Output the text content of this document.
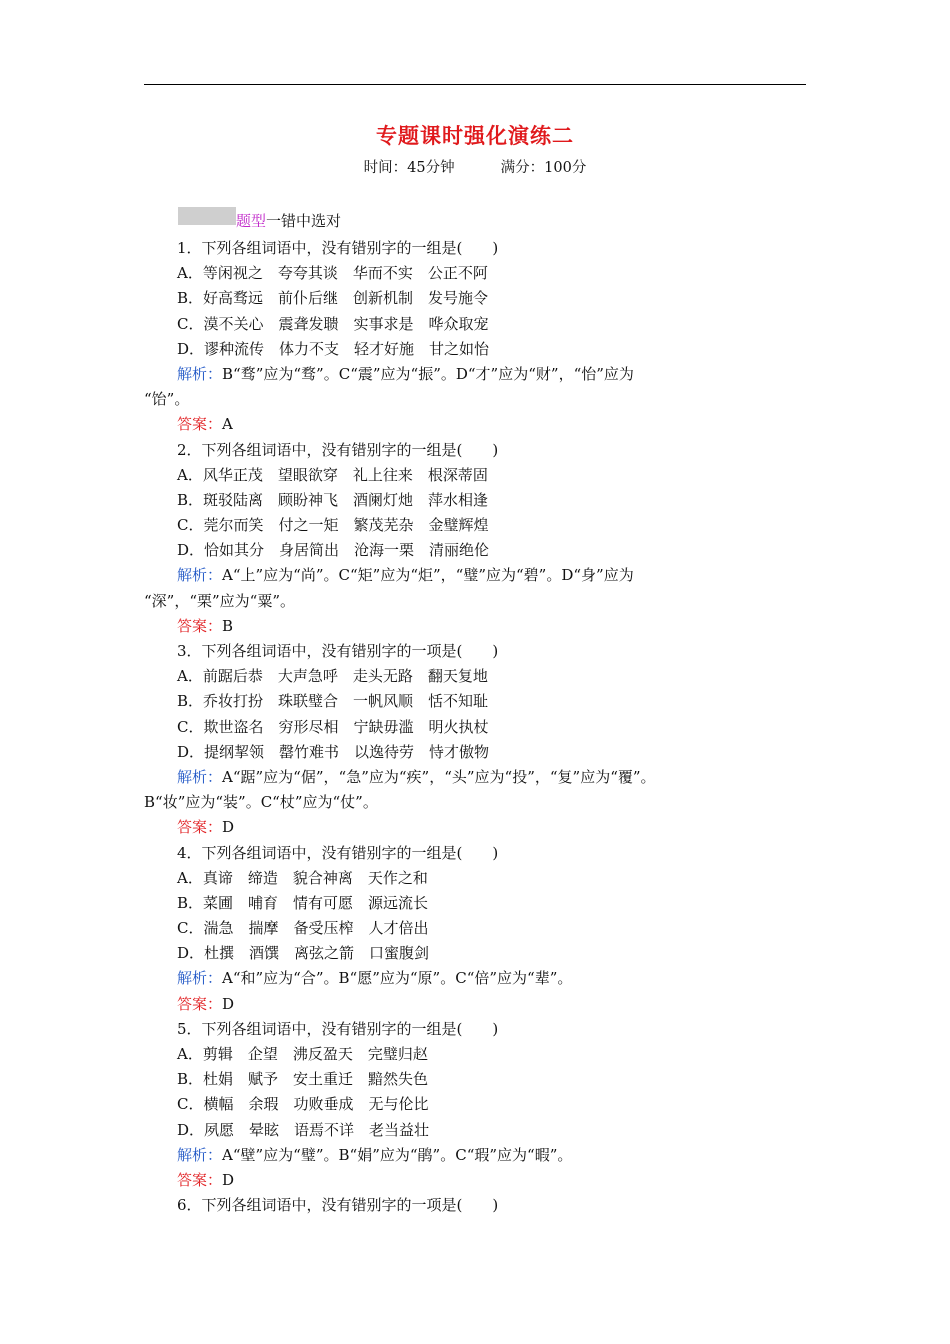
专题课时强化演练二
时间：45分钟	满分：100分
题型 一错中选对
1．下列各组词语中，没有错别字的一组是(　　)
A．等闲视之　夸夸其谈　华而不实　公正不阿
B．好高骛远　前仆后继　创新机制　发号施令
C．漠不关心　震聋发聩　实事求是　哗众取宠
D．谬种流传　体力不支　轻才好施　甘之如怡
解析：B“骛”应为“骛”。C“震”应为“振”。D“才”应为“财”，“怡”应为
“饴”。
答案：A
2．下列各组词语中，没有错别字的一组是(　　)
A．风华正茂　望眼欲穿　礼上往来　根深蒂固
B．斑驳陆离　顾盼神飞　酒阑灯灺　萍水相逢
C．莞尔而笑　付之一矩　繁茂芜杂　金璧辉煌
D．恰如其分　身居简出　沧海一栗　清丽绝伦
解析：A“上”应为“尚”。C“矩”应为“炬”，“璧”应为“碧”。D“身”应为
“深”，“栗”应为“粟”。
答案：B
3．下列各组词语中，没有错别字的一项是(　　)
A．前踞后恭　大声急呼　走头无路　翻天复地
B．乔妆打扮　珠联璧合　一帆风顺　恬不知耻
C．欺世盗名　穷形尽相　宁缺毋滥　明火执杖
D．提纲挈领　罄竹难书　以逸待劳　恃才傲物
解析：A“踞”应为“倨”，“急”应为“疾”，“头”应为“投”，“复”应为“覆”。
B“妆”应为“装”。C“杖”应为“仗”。
答案：D
4．下列各组词语中，没有错别字的一组是(　　)
A．真谛　缔造　貌合神离　天作之和
B．菜圃　哺育　情有可愿　源远流长
C．湍急　揣摩　备受压榨　人才倍出
D．杜撰　酒馔　离弦之箭　口蜜腹剑
解析：A“和”应为“合”。B“愿”应为“原”。C“倍”应为“辈”。
答案：D
5．下列各组词语中，没有错别字的一组是(　　)
A．剪辑　企望　沸反盈天　完璧归赵
B．杜娟　赋予　安土重迁　黯然失色
C．横幅　余瑕　功败垂成　无与伦比
D．夙愿　晕眩　语焉不详　老当益壮
解析：A“壁”应为“璧”。B“娟”应为“鹃”。C“瑕”应为“暇”。
答案：D
6．下列各组词语中，没有错别字的一项是(　　)
